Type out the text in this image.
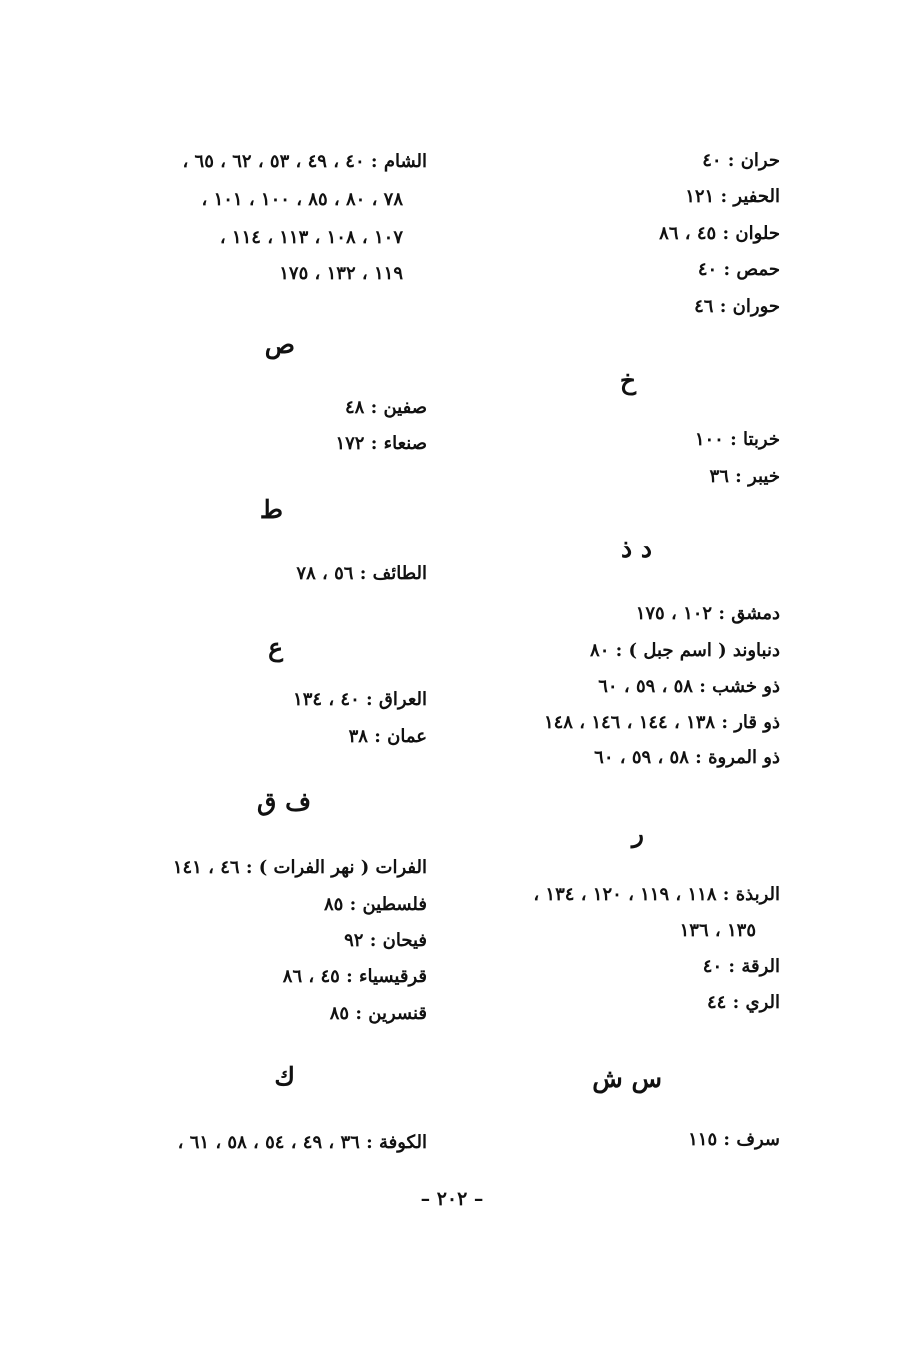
حران : ٤٠
الحفير : ١٢١
حلوان : ٤٥ ، ٨٦
حمص : ٤٠
حوران : ٤٦
خ
خربتا : ١٠٠
خيبر : ٣٦
د ذ
دمشق : ١٠٢ ، ١٧٥
دنباوند ( اسم جبل ) : ٨٠
ذو خشب : ٥٨ ، ٥٩ ، ٦٠
ذو قار : ١٣٨ ، ١٤٤ ، ١٤٦ ، ١٤٨
ذو المروة : ٥٨ ، ٥٩ ، ٦٠
ر
الربذة : ١١٨ ، ١١٩ ، ١٢٠ ، ١٣٤ ،
١٣٥ ، ١٣٦
الرقة : ٤٠
الري : ٤٤
س ش
سرف : ١١٥
الشام : ٤٠ ، ٤٩ ، ٥٣ ، ٦٢ ، ٦٥ ،
٧٨ ، ٨٠ ، ٨٥ ، ١٠٠ ، ١٠١ ،
١٠٧ ، ١٠٨ ، ١١٣ ، ١١٤ ،
١١٩ ، ١٣٢ ، ١٧٥
ص
صفين : ٤٨
صنعاء : ١٧٢
ط
الطائف : ٥٦ ، ٧٨
ع
العراق : ٤٠ ، ١٣٤
عمان : ٣٨
ف ق
الفرات ( نهر الفرات ) : ٤٦ ، ١٤١
فلسطين : ٨٥
فيحان : ٩٢
قرقيسياء : ٤٥ ، ٨٦
قنسرين : ٨٥
ك
الكوفة : ٣٦ ، ٤٩ ، ٥٤ ، ٥٨ ، ٦١ ،
– ٢٠٢ –
